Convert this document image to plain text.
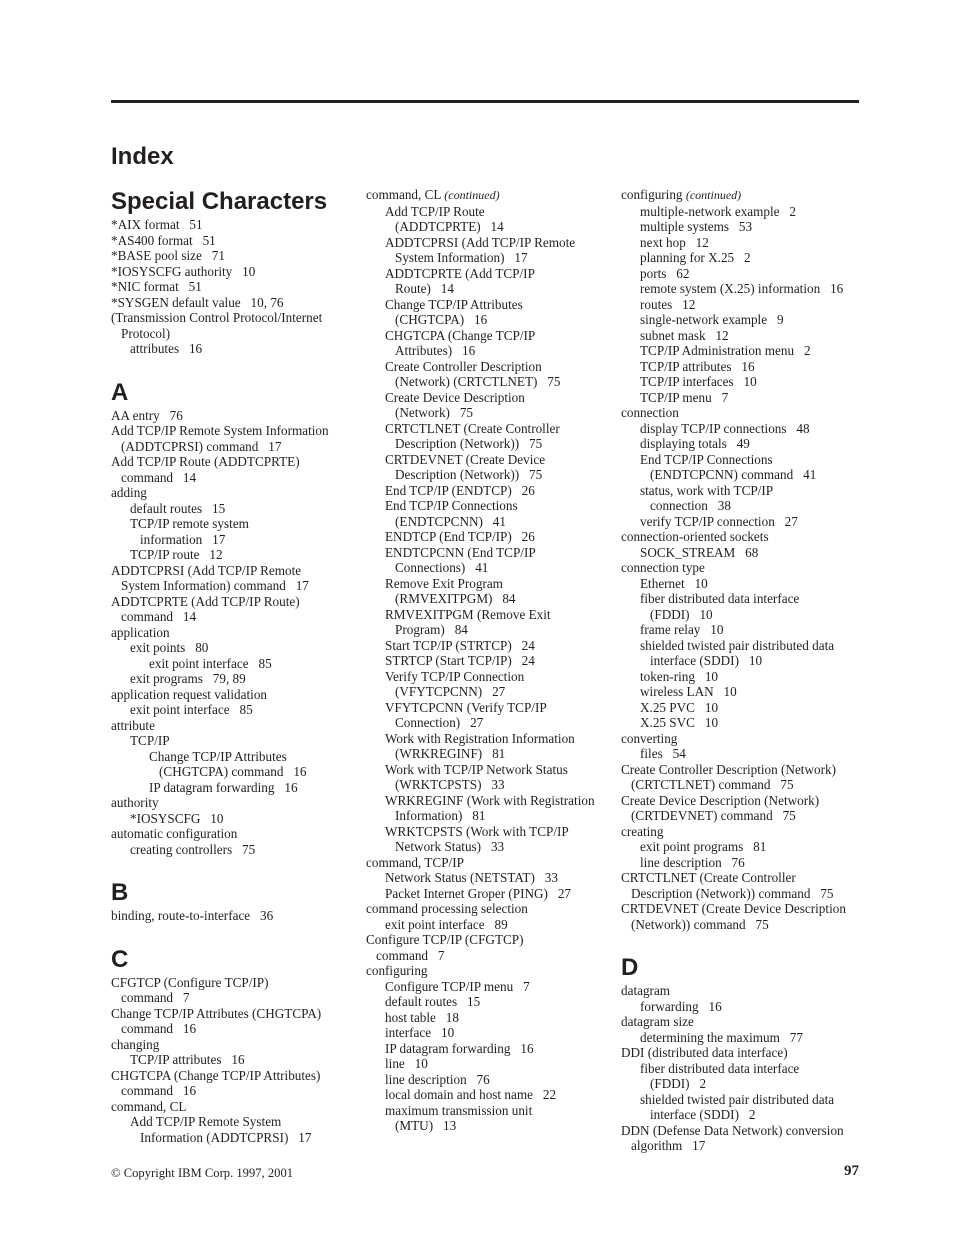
Index
Special Characters
*AIX format   51
*AS400 format   51
*BASE pool size   71
*IOSYSCFG authority   10
*NIC format   51
*SYSGEN default value   10, 76
(Transmission Control Protocol/Internet
Protocol)
attributes   16
A
AA entry   76
Add TCP/IP Remote System Information
(ADDTCPRSI) command   17
Add TCP/IP Route (ADDTCPRTE)
command   14
adding
default routes   15
TCP/IP remote system
information   17
TCP/IP route   12
ADDTCPRSI (Add TCP/IP Remote
System Information) command   17
ADDTCPRTE (Add TCP/IP Route)
command   14
application
exit points   80
exit point interface   85
exit programs   79, 89
application request validation
exit point interface   85
attribute
TCP/IP
Change TCP/IP Attributes
(CHGTCPA) command   16
IP datagram forwarding   16
authority
*IOSYSCFG   10
automatic configuration
creating controllers   75
B
binding, route-to-interface   36
C
CFGTCP (Configure TCP/IP)
command   7
Change TCP/IP Attributes (CHGTCPA)
command   16
changing
TCP/IP attributes   16
CHGTCPA (Change TCP/IP Attributes)
command   16
command, CL
Add TCP/IP Remote System
Information (ADDTCPRSI)   17
command, CL (continued)
Add TCP/IP Route
(ADDTCPRTE)   14
ADDTCPRSI (Add TCP/IP Remote
System Information)   17
ADDTCPRTE (Add TCP/IP
Route)   14
Change TCP/IP Attributes
(CHGTCPA)   16
CHGTCPA (Change TCP/IP
Attributes)   16
Create Controller Description
(Network) (CRTCTLNET)   75
Create Device Description
(Network)   75
CRTCTLNET (Create Controller
Description (Network))   75
CRTDEVNET (Create Device
Description (Network))   75
End TCP/IP (ENDTCP)   26
End TCP/IP Connections
(ENDTCPCNN)   41
ENDTCP (End TCP/IP)   26
ENDTCPCNN (End TCP/IP
Connections)   41
Remove Exit Program
(RMVEXITPGM)   84
RMVEXITPGM (Remove Exit
Program)   84
Start TCP/IP (STRTCP)   24
STRTCP (Start TCP/IP)   24
Verify TCP/IP Connection
(VFYTCPCNN)   27
VFYTCPCNN (Verify TCP/IP
Connection)   27
Work with Registration Information
(WRKREGINF)   81
Work with TCP/IP Network Status
(WRKTCPSTS)   33
WRKREGINF (Work with Registration
Information)   81
WRKTCPSTS (Work with TCP/IP
Network Status)   33
command, TCP/IP
Network Status (NETSTAT)   33
Packet Internet Groper (PING)   27
command processing selection
exit point interface   89
Configure TCP/IP (CFGTCP)
command   7
configuring
Configure TCP/IP menu   7
default routes   15
host table   18
interface   10
IP datagram forwarding   16
line   10
line description   76
local domain and host name   22
maximum transmission unit
(MTU)   13
configuring (continued)
multiple-network example   2
multiple systems   53
next hop   12
planning for X.25   2
ports   62
remote system (X.25) information   16
routes   12
single-network example   9
subnet mask   12
TCP/IP Administration menu   2
TCP/IP attributes   16
TCP/IP interfaces   10
TCP/IP menu   7
connection
display TCP/IP connections   48
displaying totals   49
End TCP/IP Connections
(ENDTCPCNN) command   41
status, work with TCP/IP
connection   38
verify TCP/IP connection   27
connection-oriented sockets
SOCK_STREAM   68
connection type
Ethernet   10
fiber distributed data interface
(FDDI)   10
frame relay   10
shielded twisted pair distributed data
interface (SDDI)   10
token-ring   10
wireless LAN   10
X.25 PVC   10
X.25 SVC   10
converting
files   54
Create Controller Description (Network)
(CRTCTLNET) command   75
Create Device Description (Network)
(CRTDEVNET) command   75
creating
exit point programs   81
line description   76
CRTCTLNET (Create Controller
Description (Network)) command   75
CRTDEVNET (Create Device Description
(Network)) command   75
D
datagram
forwarding   16
datagram size
determining the maximum   77
DDI (distributed data interface)
fiber distributed data interface
(FDDI)   2
shielded twisted pair distributed data
interface (SDDI)   2
DDN (Defense Data Network) conversion
algorithm   17
© Copyright IBM Corp. 1997, 2001	97
